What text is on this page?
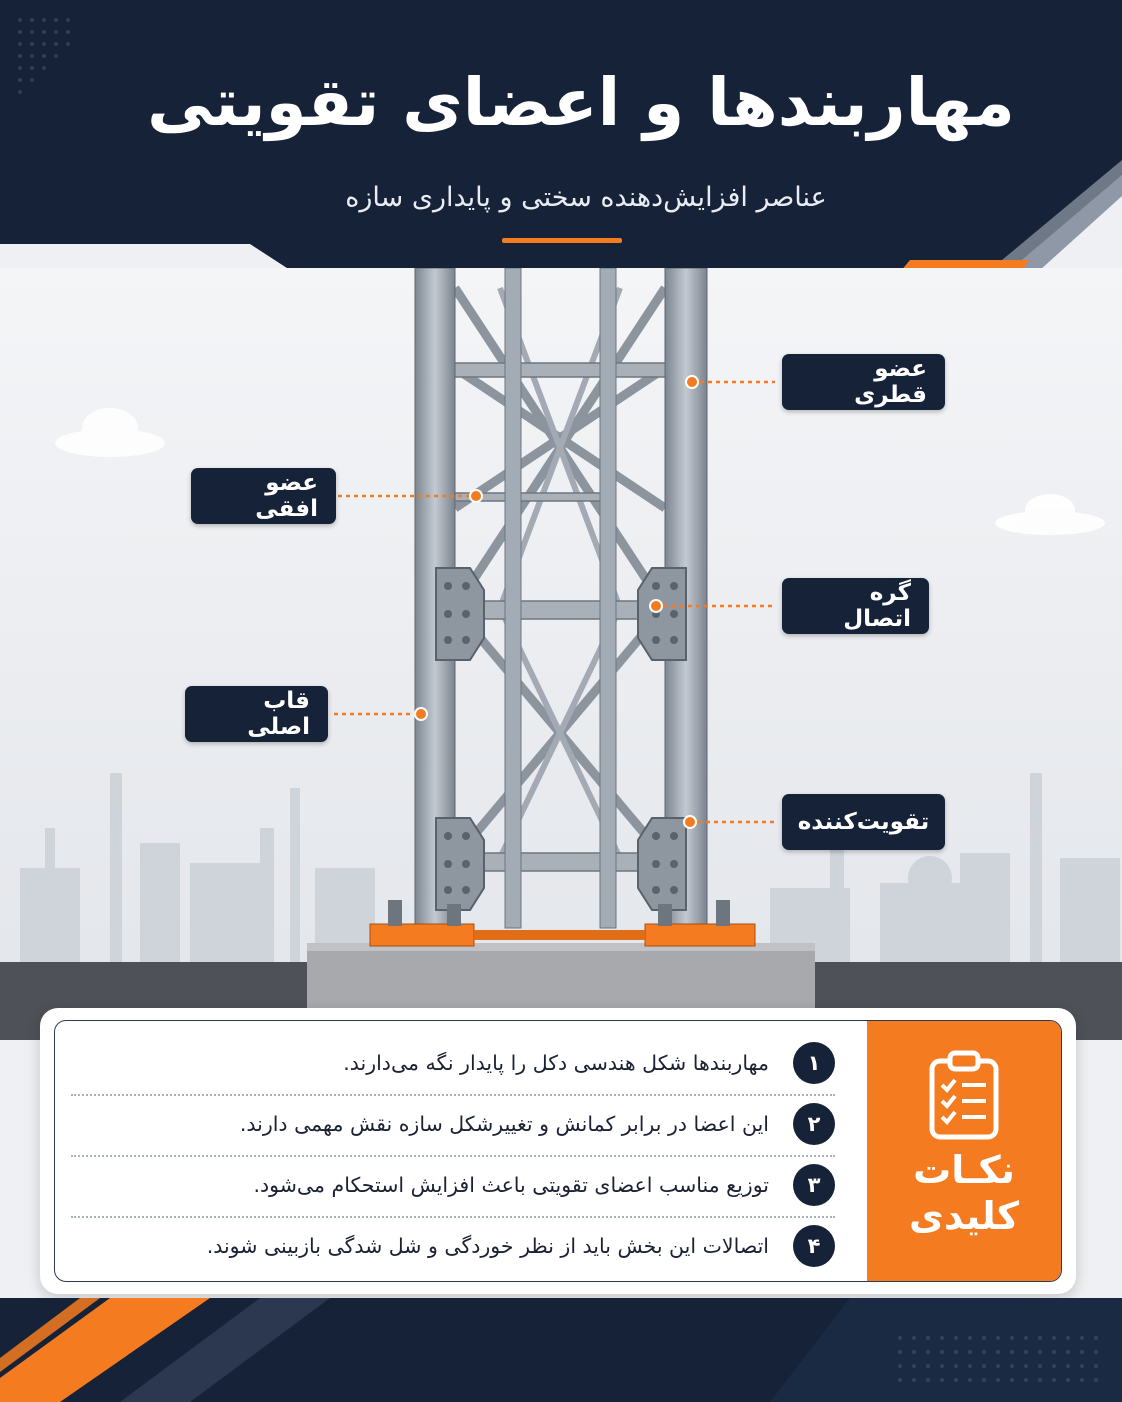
مهاربندها و اعضای تقویتی
عناصر افزایش‌دهنده سختی و پایداری سازه
عضو قطری
عضو افقی
گره اتصال
قاب اصلی
تقویت‌کننده
نکـات
کلیدی
۱
مهاربندها شکل هندسی دکل را پایدار نگه می‌دارند.
۲
این اعضا در برابر کمانش و تغییرشکل سازه نقش مهمی دارند.
۳
توزیع مناسب اعضای تقویتی باعث افزایش استحکام می‌شود.
۴
اتصالات این بخش باید از نظر خوردگی و شل شدگی بازبینی شوند.
